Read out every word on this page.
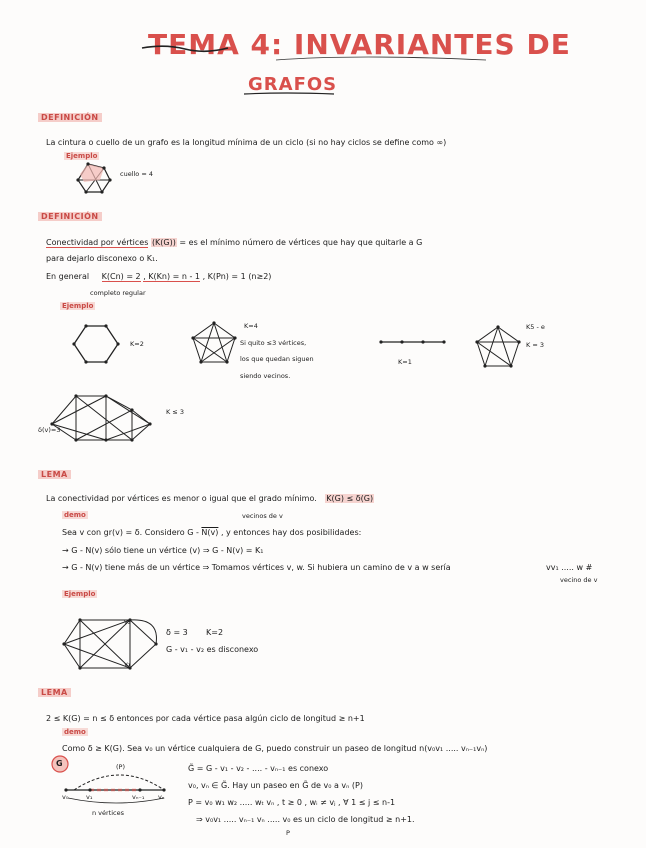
TEMA 4: INVARIANTES DE
GRAFOS
DEFINICIÓN
La cintura o cuello de un grafo es la longitud mínima de un ciclo (si no hay ciclos se define como ∞)
Ejemplo
cuello = 4
DEFINICIÓN
Conectividad por vértices (K(G)) = es el mínimo número de vértices que hay que quitarle a G
para dejarlo disconexo o K₁.
En general K(Cn) = 2 , K(Kn) = n - 1 , K(Pn) = 1 (n≥2)
completo regular
Ejemplo
K=2
K=4
Si quito ≤3 vértices,
los que quedan siguen
siendo vecinos.
K=1
K5 - e
K = 3
K ≤ 3
δ(v)=3
LEMA
La conectividad por vértices es menor o igual que el grado mínimo. K(G) ≤ δ(G)
demo	vecinos de v
Sea v con gr(v) = δ. Considero G - N(v) , y entonces hay dos posibilidades:
→ G - N(v) sólo tiene un vértice (v) ⇒ G - N(v) = K₁
→ G - N(v) tiene más de un vértice ⇒ Tomamos vértices v, w. Si hubiera un camino de v a w sería	vv₁ ..... w #
vecino de v
Ejemplo
v₂
v₁
δ = 3 K=2
G - v₁ - v₂ es disconexo
LEMA
2 ≤ K(G) = n ≤ δ entonces por cada vértice pasa algún ciclo de longitud ≥ n+1
demo
Como δ ≥ K(G). Sea v₀ un vértice cualquiera de G, puedo construir un paseo de longitud n(v₀v₁ ..... vₙ₋₁vₙ)
G	(P)
v₀	v₁	vₙ₋₁ vₙ
n vértices
G̃ = G - v₁ - v₂ - .... - vₙ₋₁ es conexo
v₀, vₙ ∈ G̃. Hay un paseo en G̃ de v₀ a vₙ (P)
P = v₀ w₁ w₂ ..... wₜ vₙ , t ≥ 0 , wᵢ ≠ vⱼ , ∀ 1 ≤ j ≤ n-1
⇒ v₀v₁ ..... vₙ₋₁ vₙ ..... v₀ es un ciclo de longitud ≥ n+1.
P
